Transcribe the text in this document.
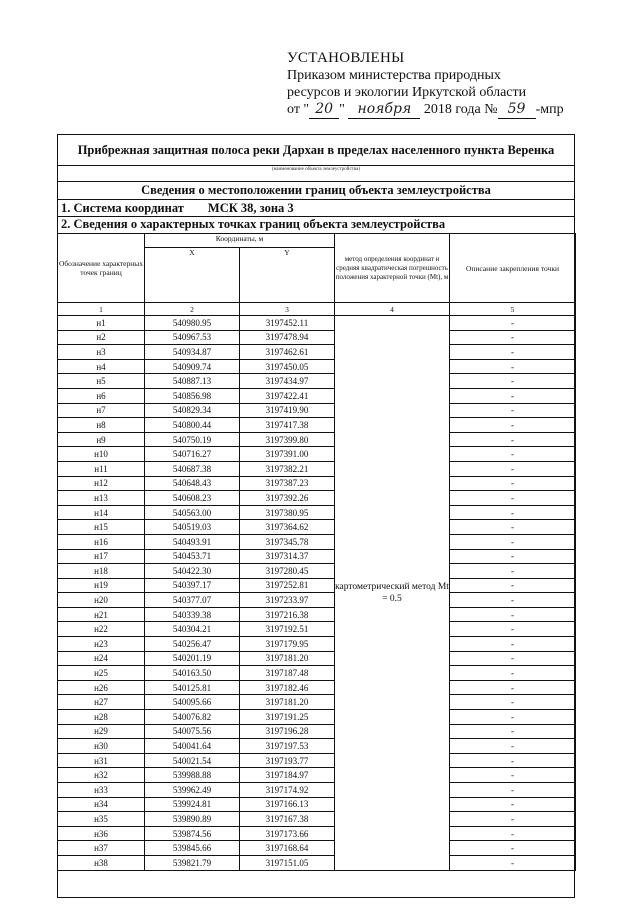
УСТАНОВЛЕНЫ
Приказом министерства природных
ресурсов и экологии Иркутской области
от " 20 " ноября 2018 года № 59 -мпр
Прибрежная защитная полоса реки Дархан в пределах населенного пункта Веренка
(наименование объекта землеустройства)
Сведения о местоположении границ объекта землеустройства
1. Система координат МСК 38, зона 3
2. Сведения о характерных точках границ объекта землеустройства
Обозначение характерных точек границ	Координаты, м		метод определения координат и средняя квадратическая погрешность положения характерной точки (Mt), м	Описание закрепления точки
	X	Y		
1	2	3	4	5
н1	540980.95	3197452.11	картометрический метод Mt = 0.5	-
н2	540967.53	3197478.94		-
н3	540934.87	3197462.61		-
н4	540909.74	3197450.05		-
н5	540887.13	3197434.97		-
н6	540856.98	3197422.41		-
н7	540829.34	3197419.90		-
н8	540800.44	3197417.38		-
н9	540750.19	3197399.80		-
н10	540716.27	3197391.00		-
н11	540687.38	3197382.21		-
н12	540648.43	3197387.23		-
н13	540608.23	3197392.26		-
н14	540563.00	3197380.95		-
н15	540519.03	3197364.62		-
н16	540493.91	3197345.78		-
н17	540453.71	3197314.37		-
н18	540422.30	3197280.45		-
н19	540397.17	3197252.81		-
н20	540377.07	3197233.97		-
н21	540339.38	3197216.38		-
н22	540304.21	3197192.51		-
н23	540256.47	3197179.95		-
н24	540201.19	3197181.20		-
н25	540163.50	3197187.48		-
н26	540125.81	3197182.46		-
н27	540095.66	3197181.20		-
н28	540076.82	3197191.25		-
н29	540075.56	3197196.28		-
н30	540041.64	3197197.53		-
н31	540021.54	3197193.77		-
н32	539988.88	3197184.97		-
н33	539962.49	3197174.92		-
н34	539924.81	3197166.13		-
н35	539890.89	3197167.38		-
н36	539874.56	3197173.66		-
н37	539845.66	3197168.64		-
н38	539821.79	3197151.05		-
